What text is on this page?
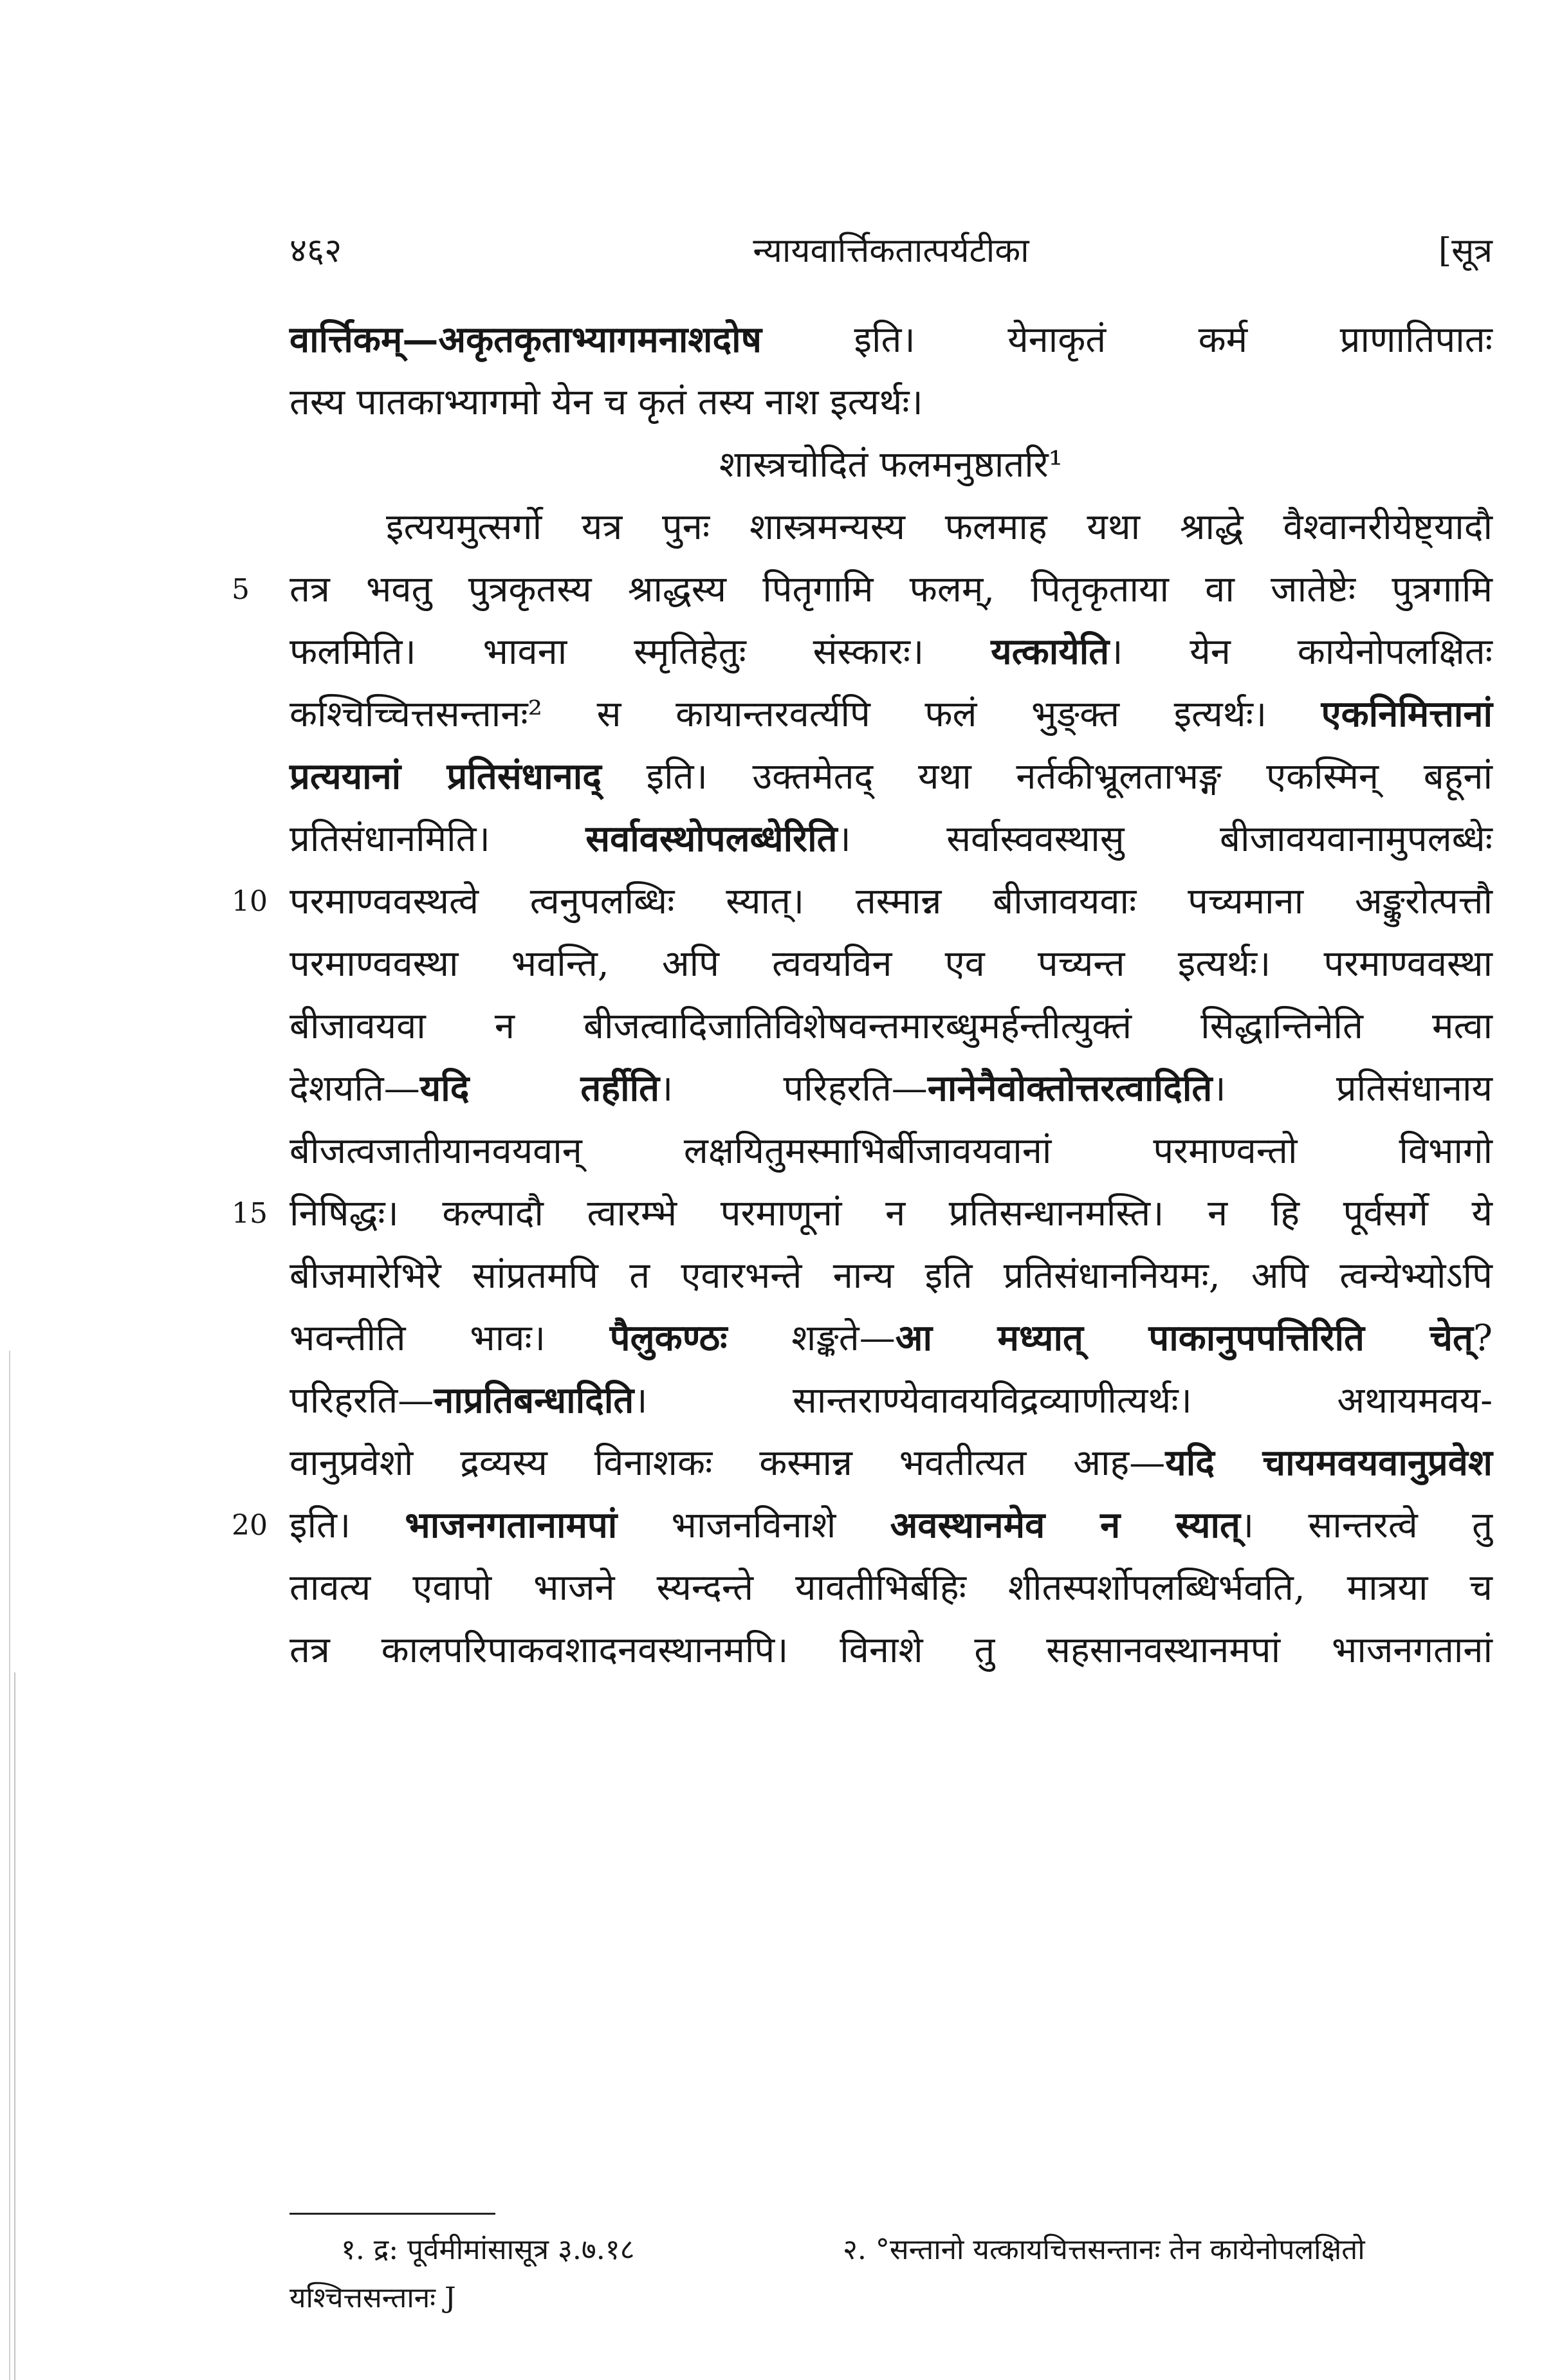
४६२	न्यायवार्त्तिकतात्पर्यटीका	[सूत्र
वार्त्तिकम्—अकृतकृताभ्यागमनाशदोष इति। येनाकृतं कर्म प्राणातिपातः
तस्य पातकाभ्यागमो येन च कृतं तस्य नाश इत्यर्थः।
शास्त्रचोदितं फलमनुष्ठातरि¹
इत्ययमुत्सर्गो यत्र पुनः शास्त्रमन्यस्य फलमाह यथा श्राद्धे वैश्वानरीयेष्ट्यादौ
5	तत्र भवतु पुत्रकृतस्य श्राद्धस्य पितृगामि फलम्, पितृकृताया वा जातेष्टेः पुत्रगामि
फलमिति। भावना स्मृतिहेतुः संस्कारः। यत्कायेति। येन कायेनोपलक्षितः
कश्चिच्चित्तसन्तानः² स कायान्तरवर्त्यपि फलं भुङ्क्त इत्यर्थः। एकनिमित्तानां
प्रत्ययानां प्रतिसंधानाद् इति। उक्तमेतद् यथा नर्तकीभ्रूलताभङ्ग एकस्मिन् बहूनां
प्रतिसंधानमिति। सर्वावस्थोपलब्धेरिति। सर्वास्ववस्थासु बीजावयवानामुपलब्धेः
10 परमाण्ववस्थत्वे त्वनुपलब्धिः स्यात्। तस्मान्न बीजावयवाः पच्यमाना अङ्कुरोत्पत्तौ
परमाण्ववस्था भवन्ति, अपि त्ववयविन एव पच्यन्त इत्यर्थः। परमाण्ववस्था
बीजावयवा न बीजत्वादिजातिविशेषवन्तमारब्धुमर्हन्तीत्युक्तं सिद्धान्तिनेति मत्वा
देशयति—यदि तर्हीति। परिहरति—नानेनैवोक्तोत्तरत्वादिति। प्रतिसंधानाय
बीजत्वजातीयानवयवान् लक्षयितुमस्माभिर्बीजावयवानां परमाण्वन्तो विभागो
15 निषिद्धः। कल्पादौ त्वारम्भे परमाणूनां न प्रतिसन्धानमस्ति। न हि पूर्वसर्गे ये
बीजमारेभिरे सांप्रतमपि त एवारभन्ते नान्य इति प्रतिसंधाननियमः, अपि त्वन्येभ्योऽपि
भवन्तीति भावः। पैलुकण्ठः शङ्कते—आ मध्यात् पाकानुपपत्तिरिति चेत्?
परिहरति—नाप्रतिबन्धादिति। सान्तराण्येवावयविद्रव्याणीत्यर्थः। अथायमवय-
वानुप्रवेशो द्रव्यस्य विनाशकः कस्मान्न भवतीत्यत आह—यदि चायमवयवानुप्रवेश
20 इति। भाजनगतानामपां भाजनविनाशे अवस्थानमेव न स्यात्। सान्तरत्वे तु
तावत्य एवापो भाजने स्यन्दन्ते यावतीभिर्बहिः शीतस्पर्शोपलब्धिर्भवति, मात्रया च
तत्र कालपरिपाकवशादनवस्थानमपि। विनाशे तु सहसानवस्थानमपां भाजनगतानां
१. द्र: पूर्वमीमांसासूत्र ३.७.१८	२. °सन्तानो यत्कायचित्तसन्तानः तेन कायेनोपलक्षितो
यश्चित्तसन्तानः J
